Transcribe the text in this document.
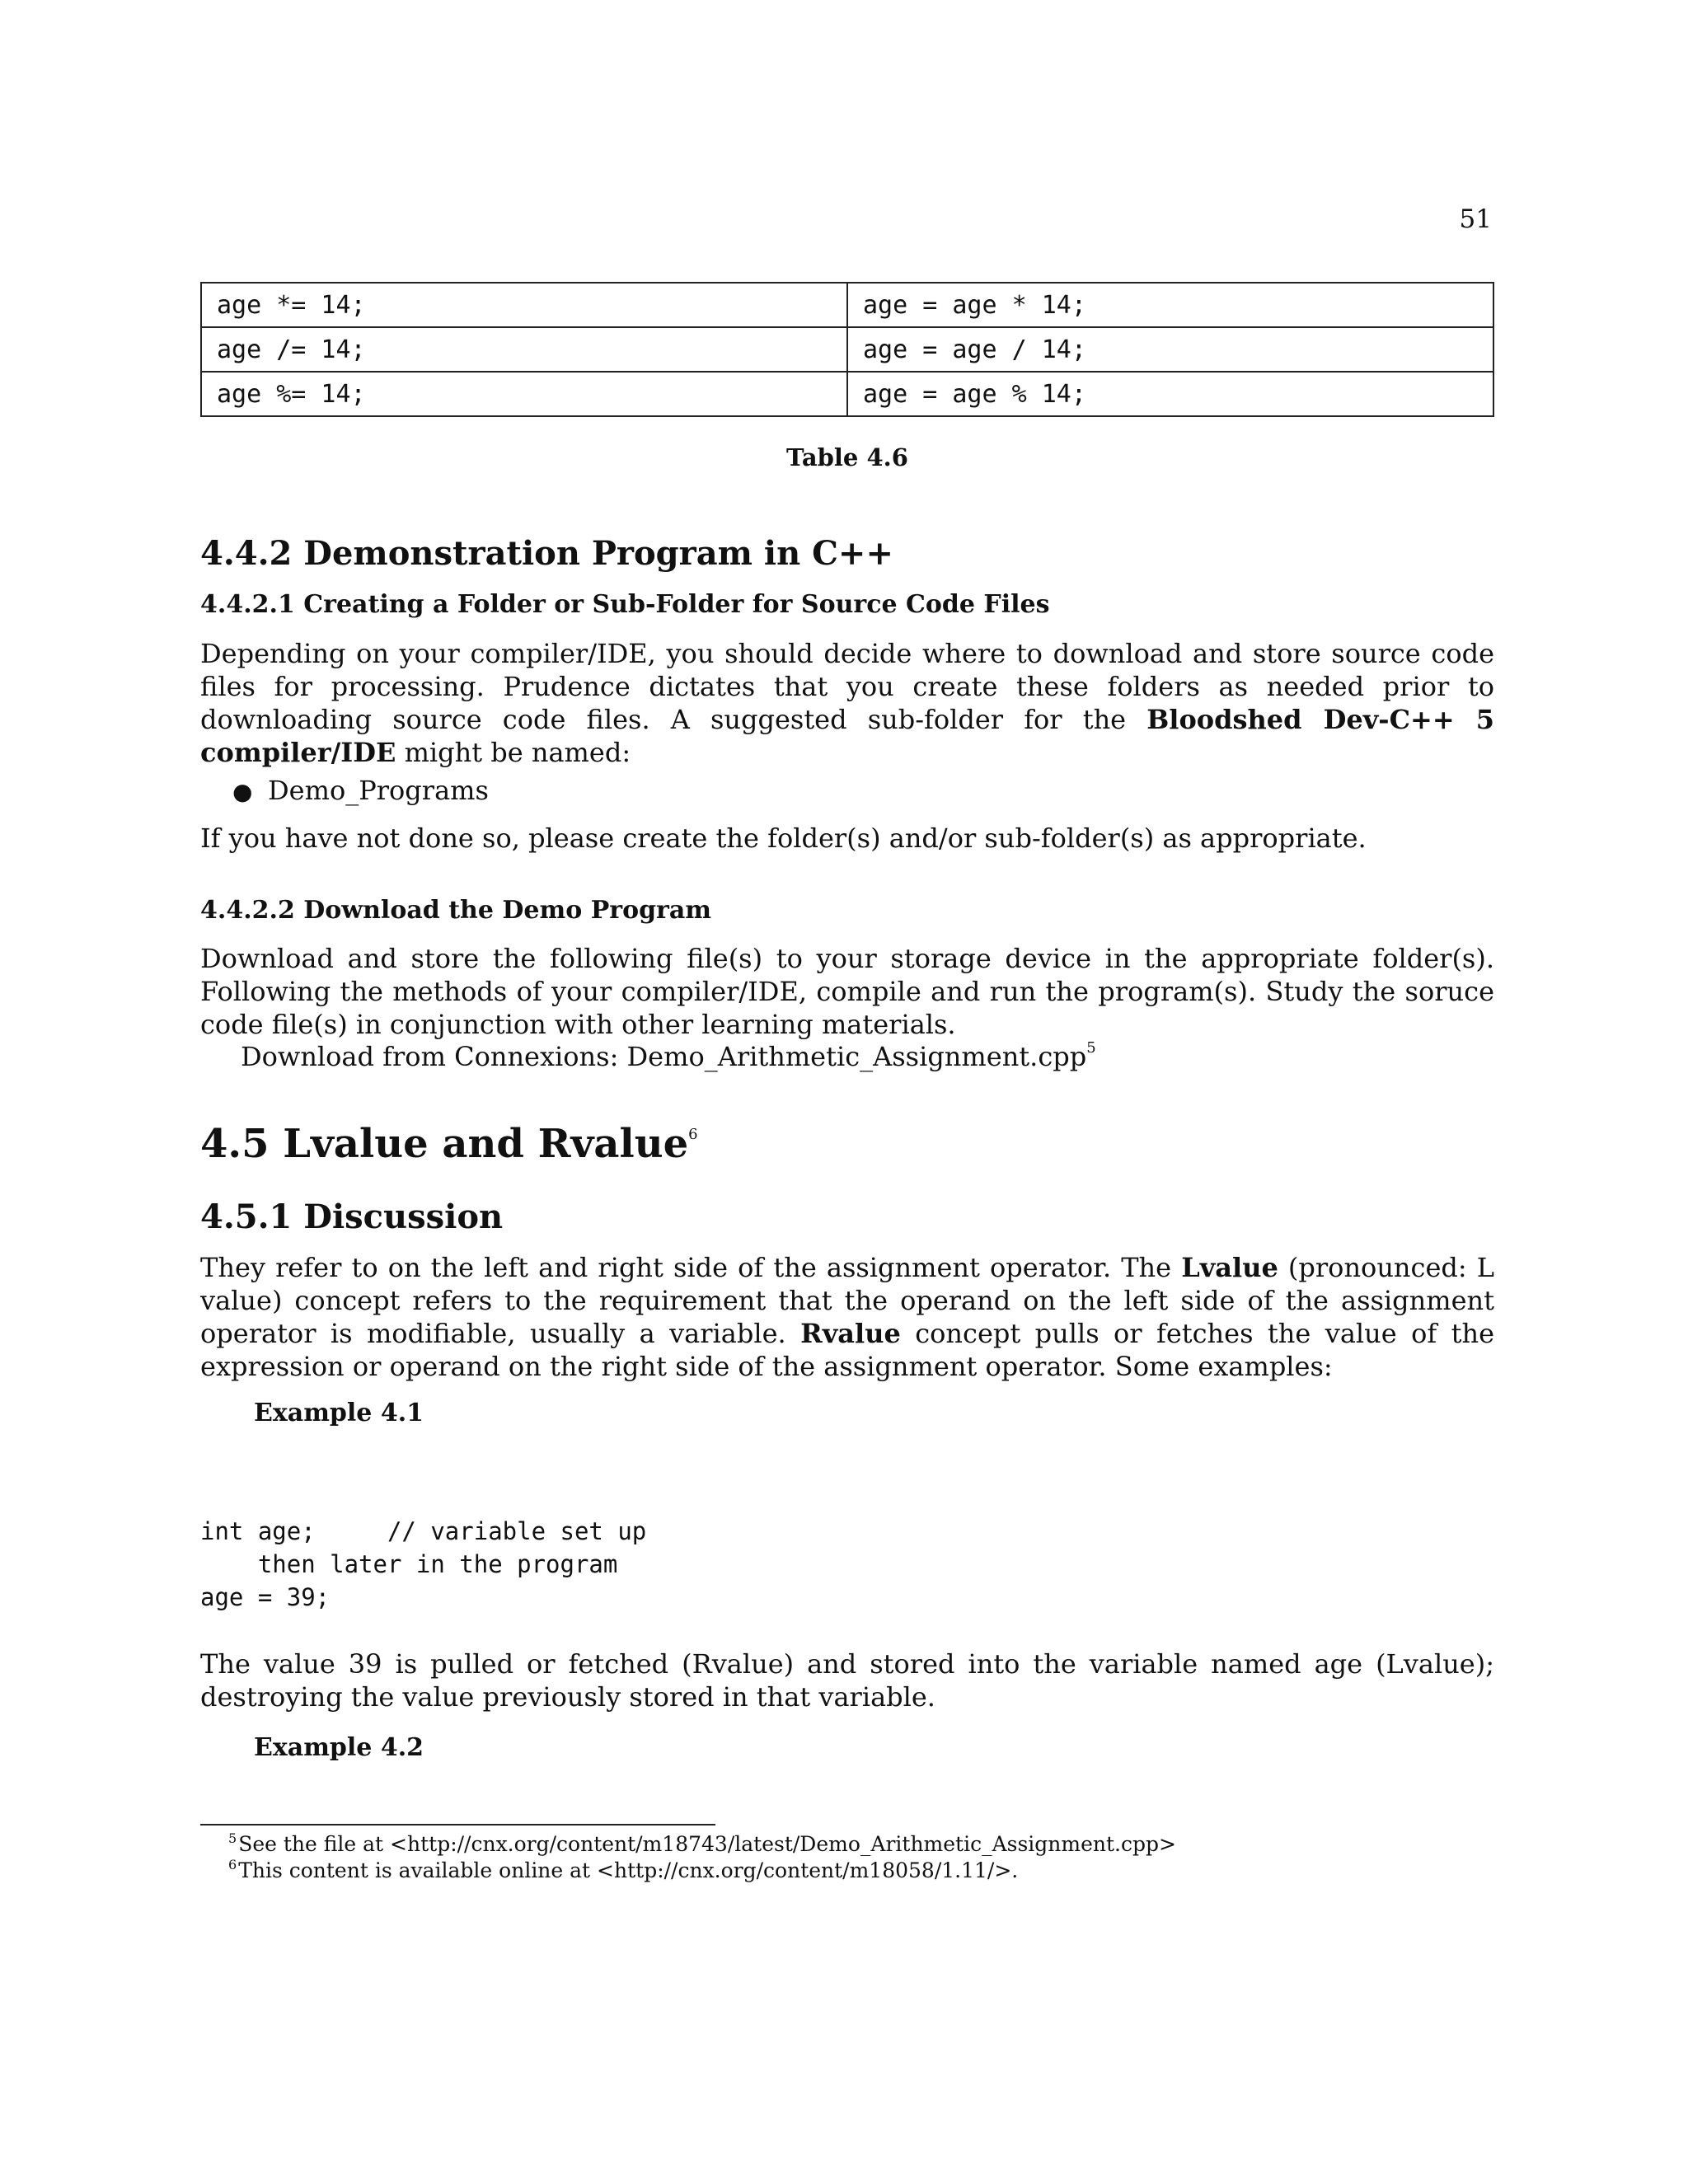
51
age *= 14;	age = age * 14;
age /= 14;	age = age / 14;
age %= 14;	age = age % 14;
Table 4.6
4.4.2 Demonstration Program in C++
4.4.2.1 Creating a Folder or Sub-Folder for Source Code Files
Depending on your compiler/IDE, you should decide where to download and store source code files for processing. Prudence dictates that you create these folders as needed prior to downloading source code files. A suggested sub-folder for the Bloodshed Dev-C++ 5 compiler/IDE might be named:
● Demo_Programs
If you have not done so, please create the folder(s) and/or sub-folder(s) as appropriate.
4.4.2.2 Download the Demo Program
Download and store the following file(s) to your storage device in the appropriate folder(s). Following the methods of your compiler/IDE, compile and run the program(s). Study the soruce code file(s) in conjunction with other learning materials.
Download from Connexions: Demo_Arithmetic_Assignment.cpp$^5$
4.5 Lvalue and Rvalue$^6$
4.5.1 Discussion
They refer to on the left and right side of the assignment operator. The Lvalue (pronounced: L value) concept refers to the requirement that the operand on the left side of the assignment operator is modifiable, usually a variable. Rvalue concept pulls or fetches the value of the expression or operand on the right side of the assignment operator. Some examples:
Example 4.1
int age;     // variable set up
then later in the program
age = 39;
The value 39 is pulled or fetched (Rvalue) and stored into the variable named age (Lvalue); destroying the value previously stored in that variable.
Example 4.2
$^5$See the file at <http://cnx.org/content/m18743/latest/Demo_Arithmetic_Assignment.cpp>
$^6$This content is available online at <http://cnx.org/content/m18058/1.11/>.
